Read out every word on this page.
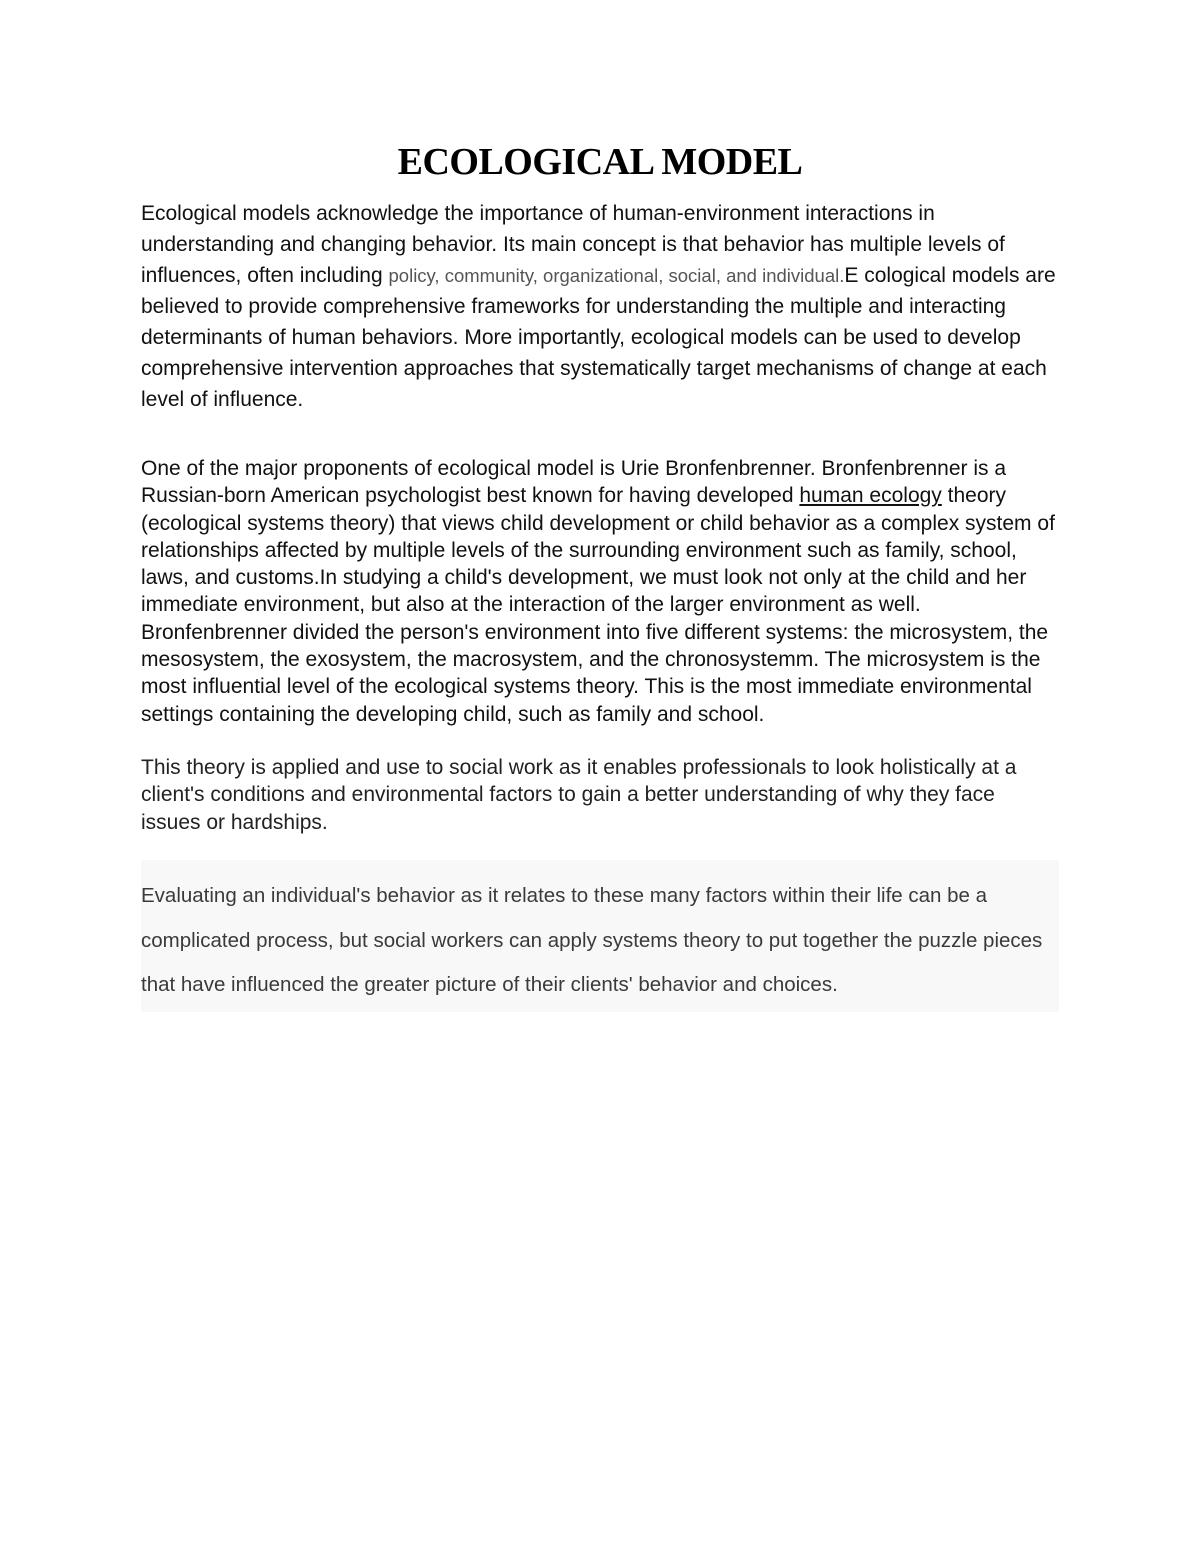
ECOLOGICAL MODEL

Ecological models acknowledge the importance of human-environment interactions in understanding and changing behavior. Its main concept is that behavior has multiple levels of influences, often including policy, community, organizational, social, and individual.E cological models are believed to provide comprehensive frameworks for understanding the multiple and interacting determinants of human behaviors. More importantly, ecological models can be used to develop comprehensive intervention approaches that systematically target mechanisms of change at each level of influence.

One of the major proponents of ecological model is Urie Bronfenbrenner. Bronfenbrenner is a Russian-born American psychologist best known for having developed human ecology theory (ecological systems theory) that views child development or child behavior as a complex system of relationships affected by multiple levels of the surrounding environment such as family, school, laws, and customs.In studying a child's development, we must look not only at the child and her immediate environment, but also at the interaction of the larger environment as well. Bronfenbrenner divided the person's environment into five different systems: the microsystem, the mesosystem, the exosystem, the macrosystem, and the chronosystemm. The microsystem is the most influential level of the ecological systems theory. This is the most immediate environmental settings containing the developing child, such as family and school.

This theory is applied and use to social work as it enables professionals to look holistically at a client's conditions and environmental factors to gain a better understanding of why they face issues or hardships.

Evaluating an individual's behavior as it relates to these many factors within their life can be a complicated process, but social workers can apply systems theory to put together the puzzle pieces that have influenced the greater picture of their clients' behavior and choices.
